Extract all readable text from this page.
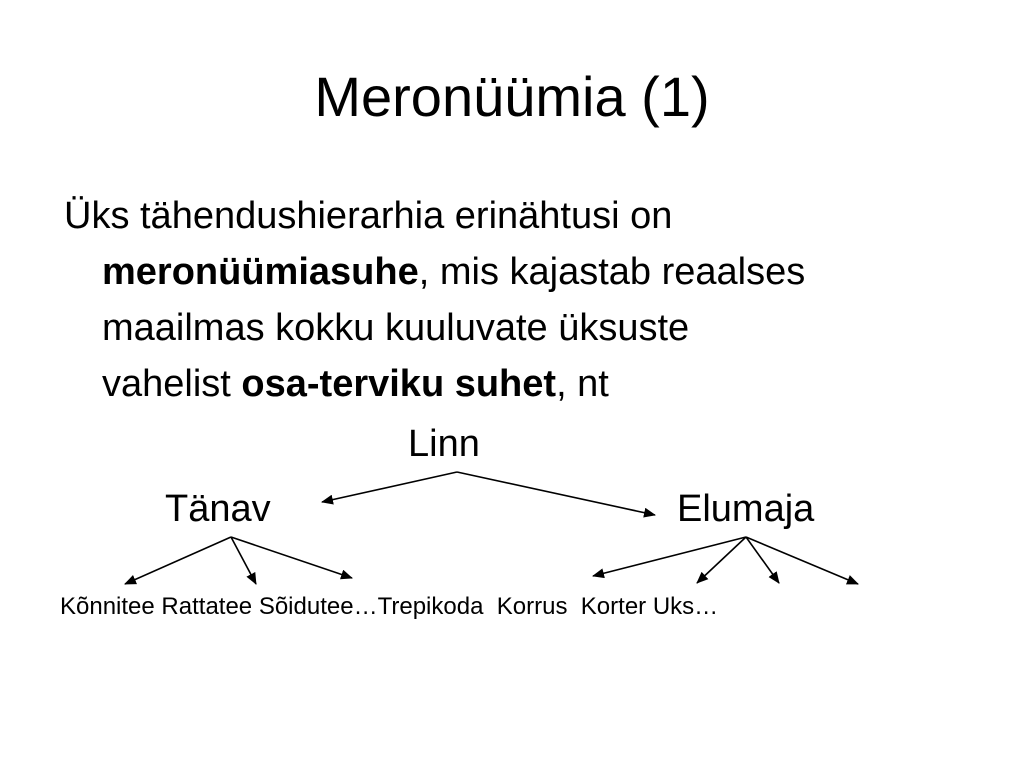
Meronüümia (1)
Üks tähendushierarhia erinähtusi on
meronüümiasuhe, mis kajastab reaalses
maailmas kokku kuuluvate üksuste
vahelist osa-terviku suhet, nt
Linn
Tänav	Elumaja
Kõnnitee Rattatee Sõidutee…Trepikoda Korrus Korter Uks…
